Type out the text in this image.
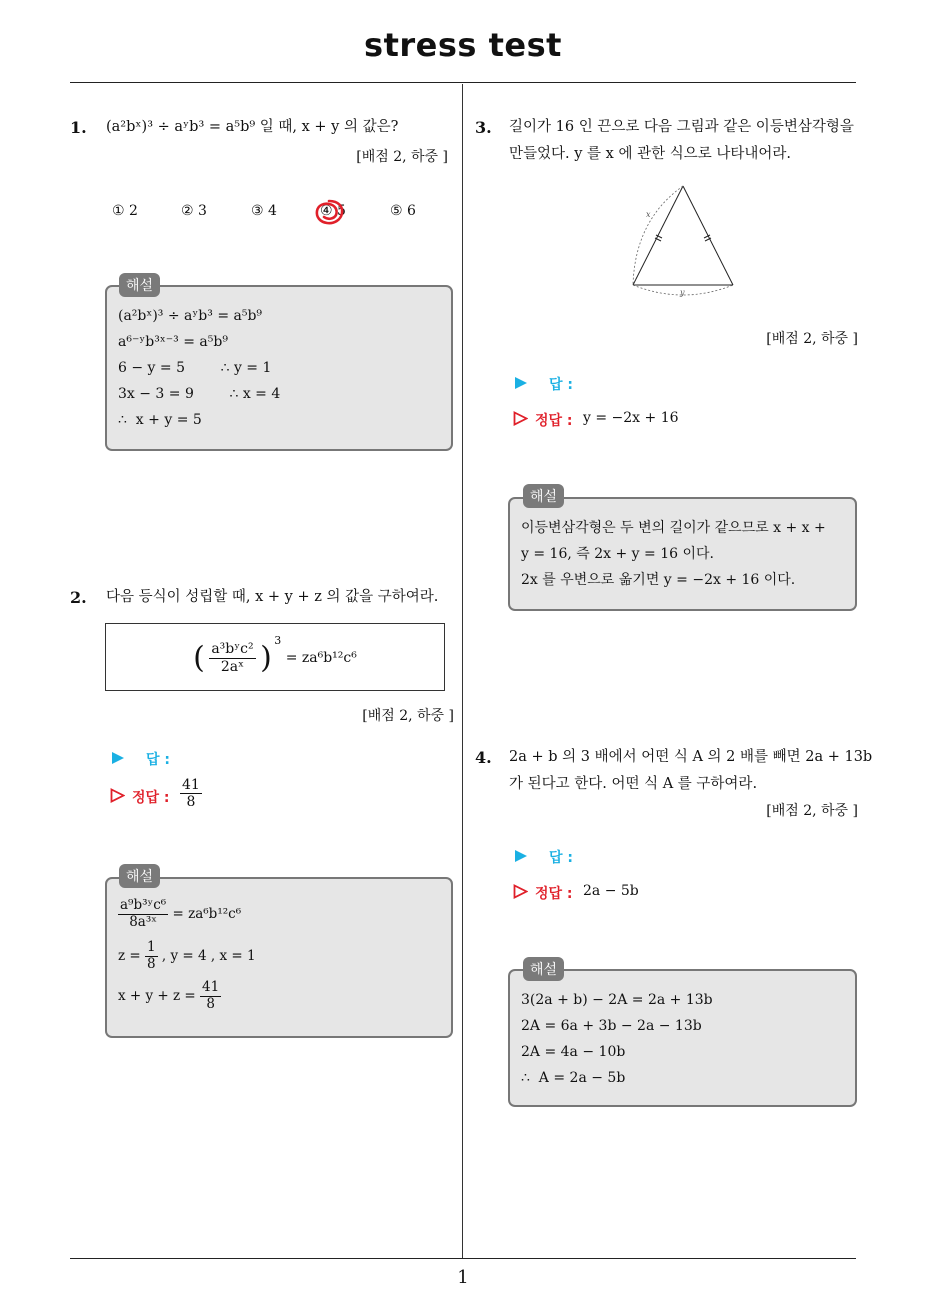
stress test
1. (a²bˣ)³ ÷ aʸb³ = a⁵b⁹ 일 때, x + y 의 값은?
[배점 2, 하중 ]
① 2	② 3	③ 4	④ 5	⑤ 6
해설
(a²bˣ)³ ÷ aʸb³ = a⁵b⁹
a⁶⁻ʸb³ˣ⁻³ = a⁵b⁹
6 − y = 5        ∴ y = 1
3x − 3 = 9        ∴ x = 4
∴  x + y = 5
2. 다음 등식이 성립할 때, x + y + z 의 값을 구하여라.
( $\frac{\text{a³bʸc²}}{\text{2aˣ}}$ ) $^3$ = za⁶b¹²c⁶
[배점 2, 하중 ]
답 :
정답 : $\frac{41}{8}$
해설
$\frac{\text{a⁹b³ʸc⁶}}{\text{8a³ˣ}} = za^6b^{12}c^6$
$z = \frac{1}{8}$ , y = 4 , x = 1
$x + y + z = \frac{41}{8}$
3. 길이가 16 인 끈으로 다음 그림과 같은 이등변삼각형을
만들었다. y 를 x 에 관한 식으로 나타내어라.
x
y
[배점 2, 하중 ]
답 :
정답 : y = −2x + 16
해설
이등변삼각형은 두 변의 길이가 같으므로 x + x +
y = 16, 즉 2x + y = 16 이다.
2x 를 우변으로 옮기면 y = −2x + 16 이다.
4. 2a + b 의 3 배에서 어떤 식 A 의 2 배를 빼면 2a + 13b
가 된다고 한다. 어떤 식 A 를 구하여라.
[배점 2, 하중 ]
답 :
정답 : 2a − 5b
해설
3(2a + b) − 2A = 2a + 13b
2A = 6a + 3b − 2a − 13b
2A = 4a − 10b
∴  A = 2a − 5b
1
